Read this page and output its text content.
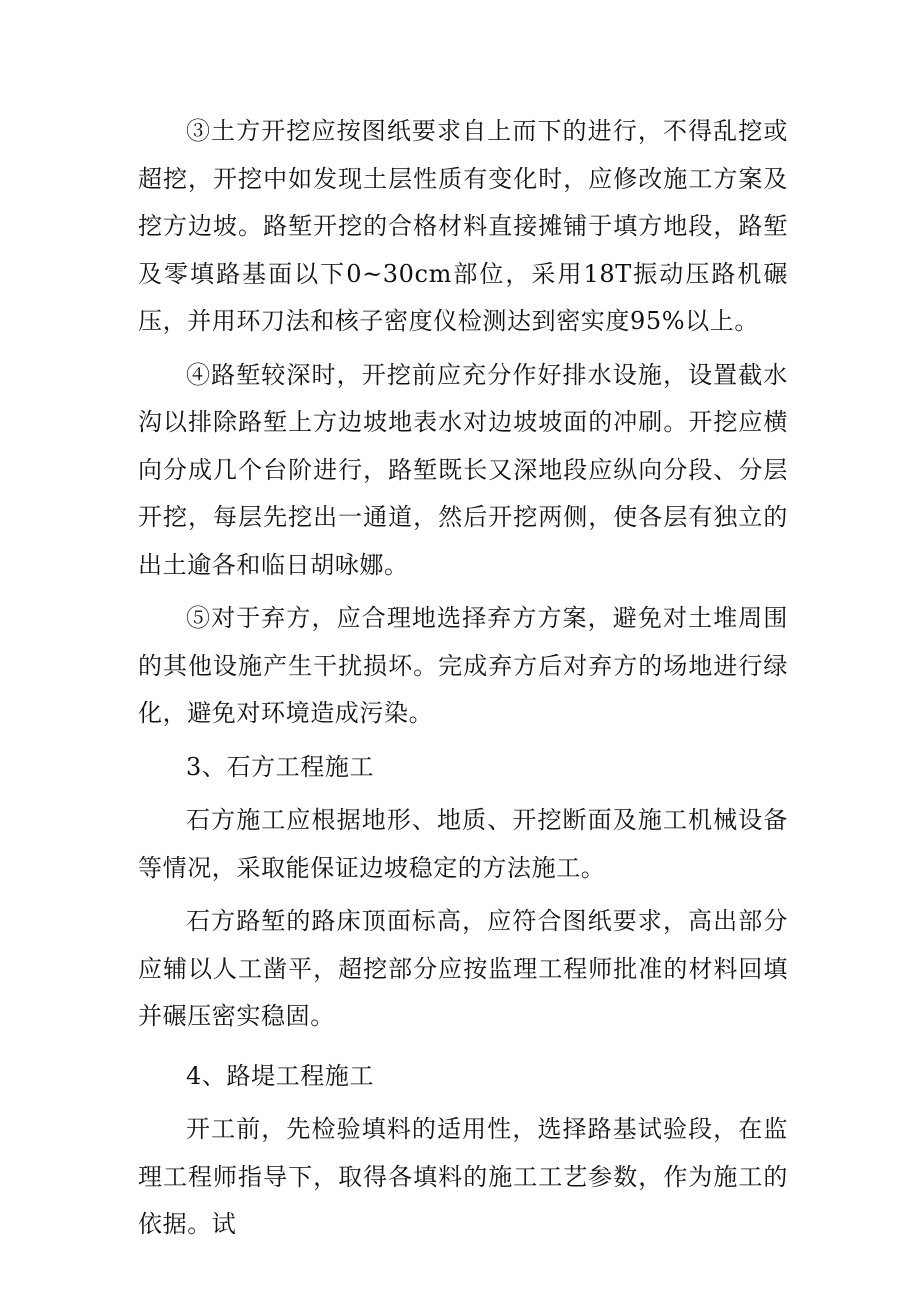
③土方开挖应按图纸要求自上而下的进行，不得乱挖或超挖，开挖中如发现土层性质有变化时，应修改施工方案及挖方边坡。路堑开挖的合格材料直接摊铺于填方地段，路堑及零填路基面以下0~30cm部位，采用18T振动压路机碾压，并用环刀法和核子密度仪检测达到密实度95%以上。

④路堑较深时，开挖前应充分作好排水设施，设置截水沟以排除路堑上方边坡地表水对边坡坡面的冲刷。开挖应横向分成几个台阶进行，路堑既长又深地段应纵向分段、分层开挖，每层先挖出一通道，然后开挖两侧，使各层有独立的出土逾各和临日胡咏娜。

⑤对于弃方，应合理地选择弃方方案，避免对土堆周围的其他设施产生干扰损坏。完成弃方后对弃方的场地进行绿化，避免对环境造成污染。

3、石方工程施工

石方施工应根据地形、地质、开挖断面及施工机械设备等情况，采取能保证边坡稳定的方法施工。

石方路堑的路床顶面标高，应符合图纸要求，高出部分应辅以人工凿平，超挖部分应按监理工程师批准的材料回填并碾压密实稳固。

4、路堤工程施工

开工前，先检验填料的适用性，选择路基试验段，在监理工程师指导下，取得各填料的施工工艺参数，作为施工的依据。试
